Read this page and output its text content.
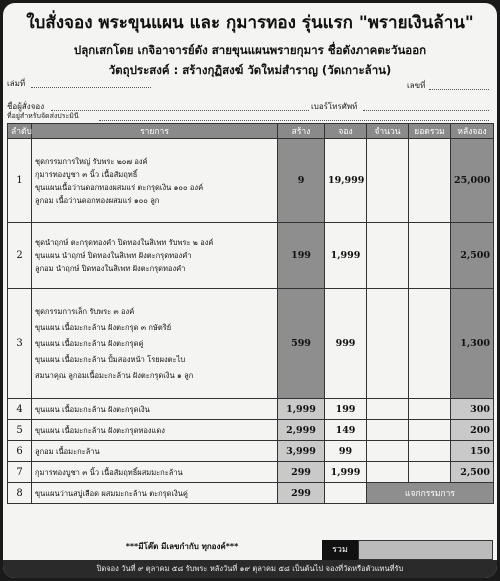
ใบสั่งจอง พระขุนแผน และ กุมารทอง รุ่นแรก "พรายเงินล้าน"
ปลุกเสกโดย เกจิอาจารย์ดัง สายขุนแผนพรายกุมาร ชื่อดังภาคตะวันออก
วัตถุประสงค์ : สร้างกุฏิสงฆ์ วัดใหม่สำราญ (วัดเกาะล้าน)
เล่มที่	เลขที่
ชื่อผู้สั่งจอง	เบอร์โทรศัพท์
ที่อยู่สำหรับจัดส่งประมินี
ลำดับ	รายการ	สร้าง	จอง	จำนวน	ยอดรวม	หลังจอง
1	ชุดกรรมการใหญ่ รับพระ ๒๐๗ องค์
กุมารทองบูชา ๓ นิ้ว เนื้อสัมฤทธิ์
ขุนแผนเนื้อว่านดอกทองผสมแร่ ตะกรุดเงิน ๑๐๐ องค์
ลูกอม เนื้อว่านดอกทองผสมแร่ ๑๐๐ ลูก	9	19,999			25,000
2	ชุดนำฤกษ์ ตะกรุดทองคำ ปิดทองในสิเพท รับพระ ๒ องค์
ขุนแผน นำฤกษ์ ปิดทองในสิเพท ฝังตะกรุดทองคำ
ลูกอม นำฤกษ์ ปิดทองในสิเพท ฝังตะกรุดทองคำ	199	1,999			2,500
3	ชุดกรรมการเล็ก รับพระ ๓ องค์
ขุนแผน เนื้อมะกะล้าน ฝังตะกรุด ๓ กษัตริย์
ขุนแผน เนื้อมะกะล้าน ฝังตะกรุดคู่
ขุนแผน เนื้อมะกะล้าน ปั้มสองหน้า โรยผงตะไบ
สมนาคุณ ลูกอมเนื้อมะกะล้าน ฝังตะกรุดเงิน ๑ ลูก	599	999			1,300
4	ขุนแผน เนื้อมะกะล้าน ฝังตะกรุดเงิน	1,999	199			300
5	ขุนแผน เนื้อมะกะล้าน ฝังตะกรุดทองแดง	2,999	149			200
6	ลูกอม เนื้อมะกะล้าน	3,999	99			150
7	กุมารทองบูชา ๓ นิ้ว เนื้อสัมฤทธิ์ผสมมะกะล้าน	299	1,999			2,500
8	ขุนแผนว่านสบู่เลือด ผสมมะกะล้าน ตะกรุดเงินคู่	299		แจกกรรมการ		
***มีโค๊ต มีเลขกำกับ ทุกองค์***	รวม
ปิดจอง วันที่ ๙ ตุลาคม ๕๘ รับพระ หลังวันที่ ๑๙ ตุลาคม ๕๘ เป็นต้นไป จองที่วัดหรือตัวแทนที่รับ
